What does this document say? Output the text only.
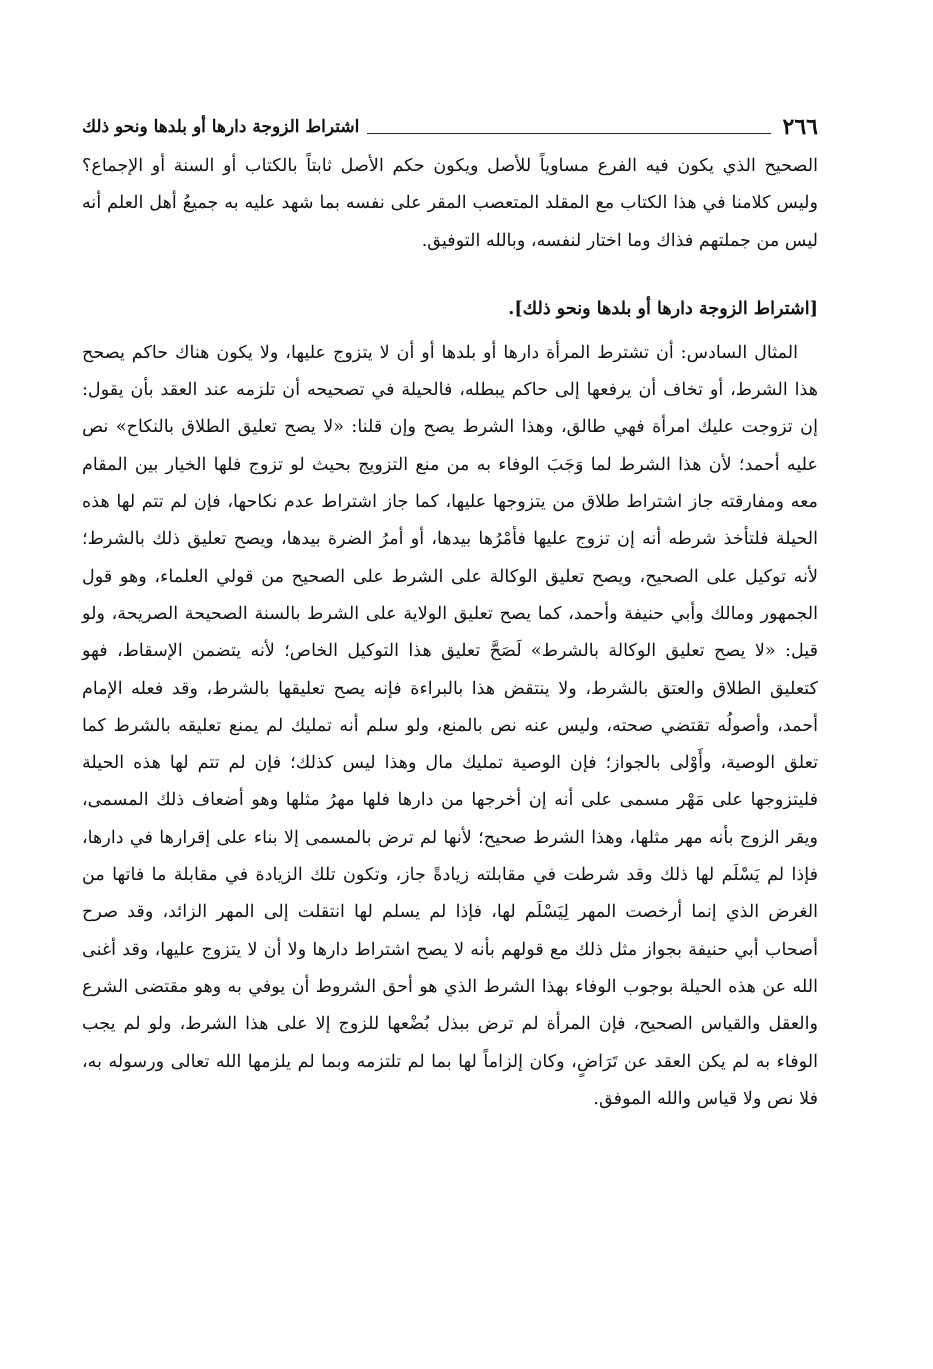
٢٦٦
اشتراط الزوجة دارها أو بلدها ونحو ذلك

الصحيح الذي يكون فيه الفرع مساوياً للأصل ويكون حكم الأصل ثابتاً بالكتاب أو السنة أو الإجماع؟ وليس كلامنا في هذا الكتاب مع المقلد المتعصب المقر على نفسه بما شهد عليه به جميعُ أهل العلم أنه ليس من جملتهم فذاك وما اختار لنفسه، وبالله التوفيق.

[اشتراط الزوجة دارها أو بلدها ونحو ذلك].

المثال السادس: أن تشترط المرأة دارها أو بلدها أو أن لا يتزوج عليها، ولا يكون هناك حاكم يصحح هذا الشرط، أو تخاف أن يرفعها إلى حاكم يبطله، فالحيلة في تصحيحه أن تلزمه عند العقد بأن يقول: إن تزوجت عليك امرأة فهي طالق، وهذا الشرط يصح وإن قلنا: «لا يصح تعليق الطلاق بالنكاح» نص عليه أحمد؛ لأن هذا الشرط لما وَجَبَ الوفاء به من منع التزويج بحيث لو تزوج فلها الخيار بين المقام معه ومفارقته جاز اشتراط طلاق من يتزوجها عليها، كما جاز اشتراط عدم نكاحها، فإن لم تتم لها هذه الحيلة فلتأخذ شرطه أنه إن تزوج عليها فأمْرُها بيدها، أو أمرُ الضرة بيدها، ويصح تعليق ذلك بالشرط؛ لأنه توكيل على الصحيح، ويصح تعليق الوكالة على الشرط على الصحيح من قولي العلماء، وهو قول الجمهور ومالك وأبي حنيفة وأحمد، كما يصح تعليق الولاية على الشرط بالسنة الصحيحة الصريحة، ولو قيل: «لا يصح تعليق الوكالة بالشرط» لَصَحَّ تعليق هذا التوكيل الخاص؛ لأنه يتضمن الإسقاط، فهو كتعليق الطلاق والعتق بالشرط، ولا ينتقض هذا بالبراءة فإنه يصح تعليقها بالشرط، وقد فعله الإمام أحمد، وأصولُه تقتضي صحته، وليس عنه نص بالمنع، ولو سلم أنه تمليك لم يمنع تعليقه بالشرط كما تعلق الوصية، وأَوْلى بالجواز؛ فإن الوصية تمليك مال وهذا ليس كذلك؛ فإن لم تتم لها هذه الحيلة فليتزوجها على مَهْر مسمى على أنه إن أخرجها من دارها فلها مهرُ مثلها وهو أضعاف ذلك المسمى، ويقر الزوج بأنه مهر مثلها، وهذا الشرط صحيح؛ لأنها لم ترض بالمسمى إلا بناء على إقرارها في دارها، فإذا لم يَسْلَم لها ذلك وقد شرطت في مقابلته زيادةً جاز، وتكون تلك الزيادة في مقابلة ما فاتها من الغرض الذي إنما أرخصت المهر لِيَسْلَم لها، فإذا لم يسلم لها انتقلت إلى المهر الزائد، وقد صرح أصحاب أبي حنيفة بجواز مثل ذلك مع قولهم بأنه لا يصح اشتراط دارها ولا أن لا يتزوج عليها، وقد أغنى الله عن هذه الحيلة بوجوب الوفاء بهذا الشرط الذي هو أحق الشروط أن يوفي به وهو مقتضى الشرع والعقل والقياس الصحيح، فإن المرأة لم ترض ببذل بُضْعها للزوج إلا على هذا الشرط، ولو لم يجب الوفاء به لم يكن العقد عن تَرَاضٍ، وكان إلزاماً لها بما لم تلتزمه وبما لم يلزمها الله تعالى ورسوله به، فلا نص ولا قياس والله الموفق.
